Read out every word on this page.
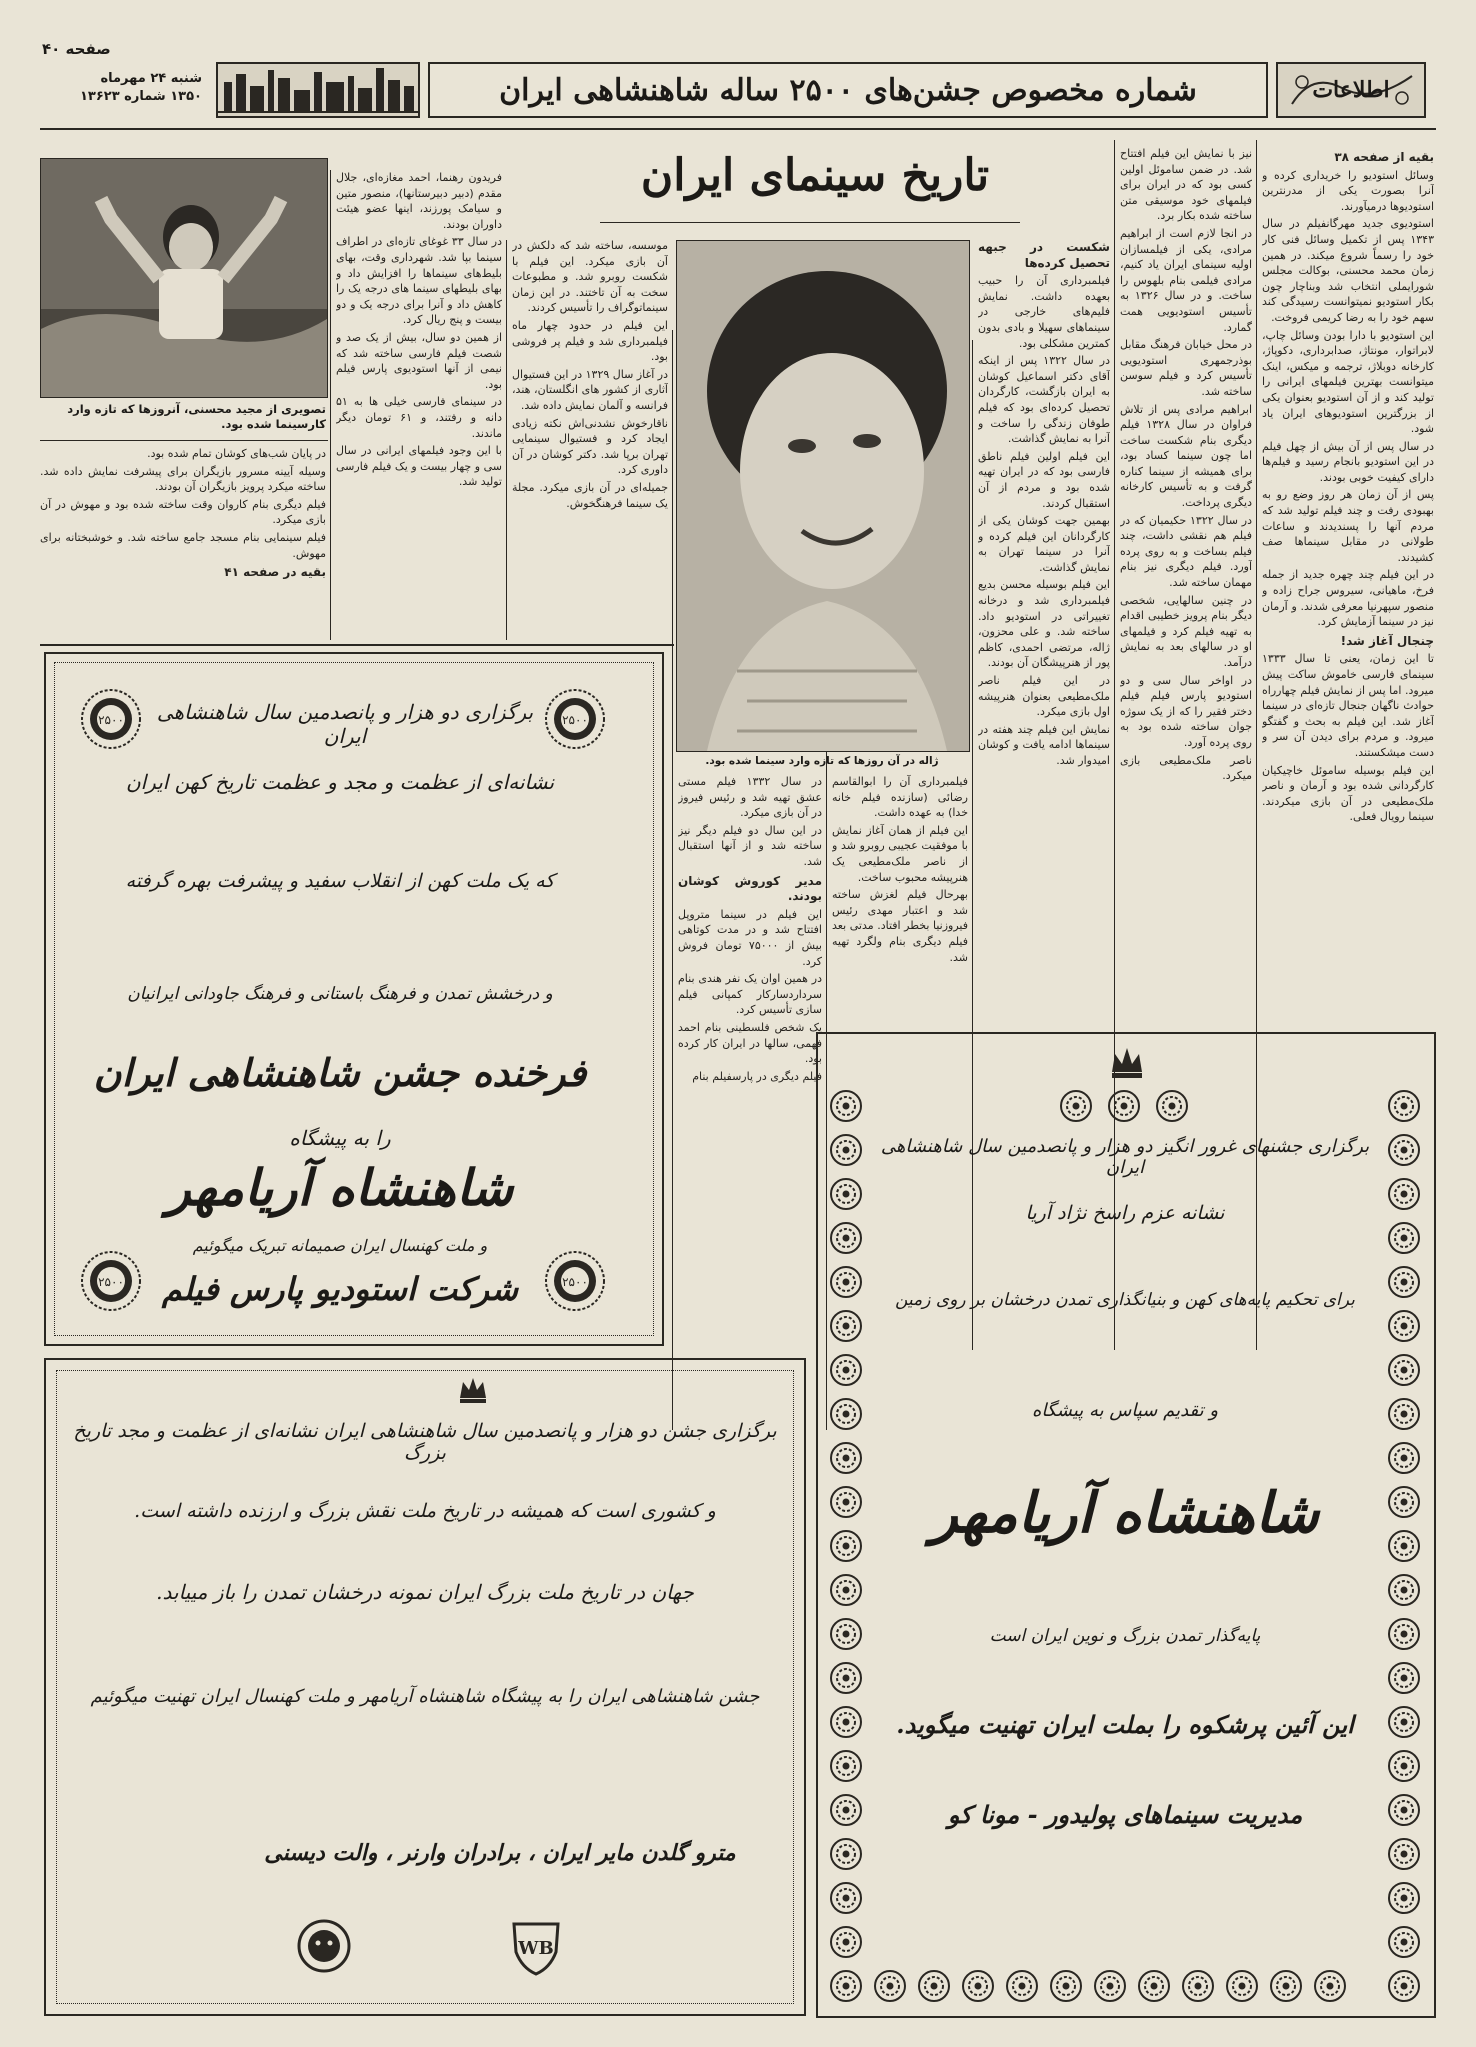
صفحه ۴۰
شنبه ۲۴ مهرماه
۱۳۵۰ شماره ۱۳۶۲۳	شماره مخصوص جشن‌های ۲۵۰۰ ساله شاهنشاهی ایران	اطلاعات

بقیه از صفحه ۳۸

وسائل استودیو را خریداری کرده و آنرا بصورت یکی از مدرنترین استودیوها درمیآورند.

استودیوی جدید مهرگانفیلم در سال ۱۳۴۳ پس از تکمیل وسائل فنی کار خود را رسماً شروع میکند. در همین زمان محمد محسنی، بوکالت مجلس شورایملی انتخاب شد وبناچار چون بکار استودیو نمیتوانست رسیدگی کند سهم خود را به رضا کریمی فروخت.

این استودیو با دارا بودن وسائل چاپ، لابراتوار، مونتاژ، صدابرداری، دکوپاژ، کارخانه دوبلاژ، ترجمه و میکس، اینک میتوانست بهترین فیلمهای ایرانی را تولید کند و از آن استودیو بعنوان یکی از بزرگترین استودیوهای ایران یاد شود.

در سال پس از آن بیش از چهل فیلم در این استودیو بانجام رسید و فیلم‌ها دارای کیفیت خوبی بودند.

پس از آن زمان هر روز وضع رو به بهبودی رفت و چند فیلم تولید شد که مردم آنها را پسندیدند و ساعات طولانی در مقابل سینماها صف کشیدند.

در این فیلم چند چهره جدید از جمله فرخ، ماهیانی، سیروس جراح زاده و منصور سپهرنیا معرفی شدند. و آرمان نیز در سینما آزمایش کرد.

چنجال آغاز شد!

تا این زمان، یعنی تا سال ۱۳۳۳ سینمای فارسی خاموش ساکت پیش میرود. اما پس از نمایش فیلم چهارراه حوادث ناگهان جنجال تازه‌ای در سینما آغاز شد. این فیلم به بحث و گفتگو میرود. و مردم برای دیدن آن سر و دست میشکستند.

این فیلم بوسیله ساموئل خاچیکیان کارگردانی شده بود و آرمان و ناصر ملک‌مطیعی در آن بازی میکردند. سینما رویال فعلی.

نیز با نمایش این فیلم افتتاح شد. در ضمن ساموئل اولین کسی بود که در ایران برای فیلمهای خود موسیقی متن ساخته شده بکار برد.

در انجا لازم است از ابراهیم مرادی، یکی از فیلمسازان اولیه سینمای ایران یاد کنیم، مرادی فیلمی بنام بلهوس را ساخت. و در سال ۱۳۲۶ به تأسیس استودیویی همت گمارد.

در محل خیابان فرهنگ مقابل بوذرجمهری استودیویی تأسیس کرد و فیلم سوسن ساخته شد.

ابراهیم مرادی پس از تلاش فراوان در سال ۱۳۲۸ فیلم دیگری بنام شکست ساخت اما چون سینما کساد بود، برای همیشه از سینما کناره گرفت و به تأسیس کارخانه دیگری پرداخت.

در سال ۱۳۲۲ حکیمیان که در فیلم هم نقشی داشت، چند فیلم بساخت و به روی پرده آورد. فیلم دیگری نیز بنام مهمان ساخته شد.

در چنین سالهایی، شخصی دیگر بنام پرویز خطیبی اقدام به تهیه فیلم کرد و فیلمهای او در سالهای بعد به نمایش درآمد.

در اواخر سال سی و دو استودیو پارس فیلم فیلم دختر فقیر را که از یک سوژه جوان ساخته شده بود به روی پرده آورد.

ناصر ملک‌مطیعی بازی میکرد.

تاریخ سینمای ایران

شکست در جبهه تحصیل کرده‌ها

فیلمبرداری آن را حبیب بعهده داشت. نمایش فلیم‌های خارجی در سینماهای سهیلا و بادی بدون کمترین مشکلی بود.

در سال ۱۳۲۲ پس از اینکه آقای دکتر اسماعیل کوشان به ایران بازگشت، کارگردان تحصیل کرده‌ای بود که فیلم طوفان زندگی را ساخت و آنرا به نمایش گذاشت.

این فیلم اولین فیلم ناطق فارسی بود که در ایران تهیه شده بود و مردم از آن استقبال کردند.

بهمین جهت کوشان یکی از کارگردانان این فیلم کرده و آنرا در سینما تهران به نمایش گذاشت.

این فیلم بوسیله محسن بدیع فیلمبرداری شد و درخانه تغییراتی در استودیو داد. ساخته شد. و علی محزون، ژاله، مرتضی احمدی، کاظم پور از هنرپیشگان آن بودند.

در این فیلم ناصر ملک‌مطیعی بعنوان هنرپیشه اول بازی میکرد.

نمایش این فیلم چند هفته در سینماها ادامه یافت و کوشان امیدوار شد.

ژاله در آن روزها که تازه وارد سینما شده بود.

فیلمبرداری آن را ابوالقاسم رضائی (سازنده فیلم خانه خدا) به عهده داشت.

این فیلم از همان آغاز نمایش با موفقیت عجیبی روبرو شد و از ناصر ملک‌مطیعی یک هنرپیشه محبوب ساخت.

بهرحال فیلم لغزش ساخته شد و اعتبار مهدی رئیس فیروزنیا بخطر افتاد. مدتی بعد فیلم دیگری بنام ولگرد تهیه شد.

در سال ۱۳۳۲ فیلم مستی عشق تهیه شد و رئیس فیروز در آن بازی میکرد.

در این سال دو فیلم دیگر نیز ساخته شد و از آنها استقبال شد.

مدیر کوروش کوشان بودند.

این فیلم در سینما متروپل افتتاح شد و در مدت کوتاهی بیش از ۷۵۰۰۰ تومان فروش کرد.

در همین اوان یک نفر هندی بنام سرداردسارکار کمپانی فیلم سازی تأسیس کرد.

یک شخص فلسطینی بنام احمد فهمی، سالها در ایران کار کرده بود.

فیلم دیگری در پارسفیلم بنام

موسسه، ساخته شد که دلکش در آن بازی میکرد. این فیلم با شکست روبرو شد. و مطبوعات سخت به آن تاختند. در این زمان سینماتوگراف را تأسیس کردند.

این فیلم در حدود چهار ماه فیلمبرداری شد و فیلم پر فروشی بود.

در آغاز سال ۱۳۲۹ در این فستیوال آثاری از کشور های انگلستان، هند، فرانسه و آلمان نمایش داده شد.

ناقارخوش نشدنی‌اش نکته زیادی ایجاد کرد و فستیوال سینمایی تهران برپا شد. دکتر کوشان در آن داوری کرد.

جمیله‌ای در آن بازی میکرد. مجلة یک سینما فرهنگخوش.

فریدون رهنما، احمد مغازه‌ای، جلال مقدم (دبیر دبیرستانها)، منصور متین و سیامک پورزند، اینها عضو هیئت داوران بودند.

در سال ۳۳ غوغای تازه‌ای در اطراف سینما بپا شد. شهرداری وقت، بهای بلیط‌های سینماها را افزایش داد و بهای بلیطهای سینما های درجه یک را کاهش داد و آنرا برای درجه یک و دو بیست و پنج ریال کرد.

از همین دو سال، بیش از یک صد و شصت فیلم فارسی ساخته شد که نیمی از آنها استودیوی پارس فیلم بود.

در سینمای فارسی خیلی ها به ۵۱ دانه و رفتند، و ۶۱ تومان دیگر ماندند.

با این وجود فیلمهای ایرانی در سال سی و چهار بیست و یک فیلم فارسی تولید شد.

تصویری از مجید محسنی، آنروزها که تازه وارد کارسینما شده بود.

در پایان شب‌های کوشان تمام شده بود.

وسیله آیینه مسرور بازیگران برای پیشرفت نمایش داده شد. ساخته میکرد پرویز بازیگران آن بودند.

فیلم دیگری بنام کاروان وقت ساخته شده بود و مهوش در آن بازی میکرد.

فیلم سینمایی بنام مسجد جامع ساخته شد. و خوشبختانه برای مهوش.

بقیه در صفحه ۴۱

۲۵۰۰	۲۵۰۰
۲۵۰۰	۲۵۰۰
برگزاری دو هزار و پانصدمین سال شاهنشاهی ایران
نشانه‌ای از عظمت و مجد و عظمت تاریخ کهن ایران
که یک ملت کهن از انقلاب سفید و پیشرفت بهره گرفته
و درخشش تمدن و فرهنگ باستانی و فرهنگ جاودانی ایرانیان
فرخنده جشن شاهنشاهی ایران
را به پیشگاه
شاهنشاه آریامهر
و ملت کهنسال ایران صمیمانه تبریک میگوئیم
شرکت استودیو پارس فیلم
برگزاری جشن دو هزار و پانصدمین سال شاهنشاهی ایران نشانه‌ای از عظمت و مجد تاریخ بزرگ
و کشوری است که همیشه در تاریخ ملت نقش بزرگ و ارزنده داشته است.
جهان در تاریخ ملت بزرگ ایران نمونه درخشان تمدن را باز مییابد.
جشن شاهنشاهی ایران را به پیشگاه شاهنشاه آریامهر و ملت کهنسال ایران تهنیت میگوئیم
مترو گلدن مایر ایران ، برادران وارنر ، والت دیسنی
WB
برگزاری جشنهای غرور انگیز دو هزار و پانصدمین سال شاهنشاهی ایران
نشانه عزم راسخ نژاد آریا
برای تحکیم پایه‌های کهن و بنیانگذاری تمدن درخشان بر روی زمین
و تقدیم سپاس به پیشگاه
شاهنشاه آریامهر
پایه‌گذار تمدن بزرگ و نوین ایران است
این آئین پرشکوه را بملت ایران تهنیت میگوید.
مدیریت سینماهای پولیدور - مونا کو
